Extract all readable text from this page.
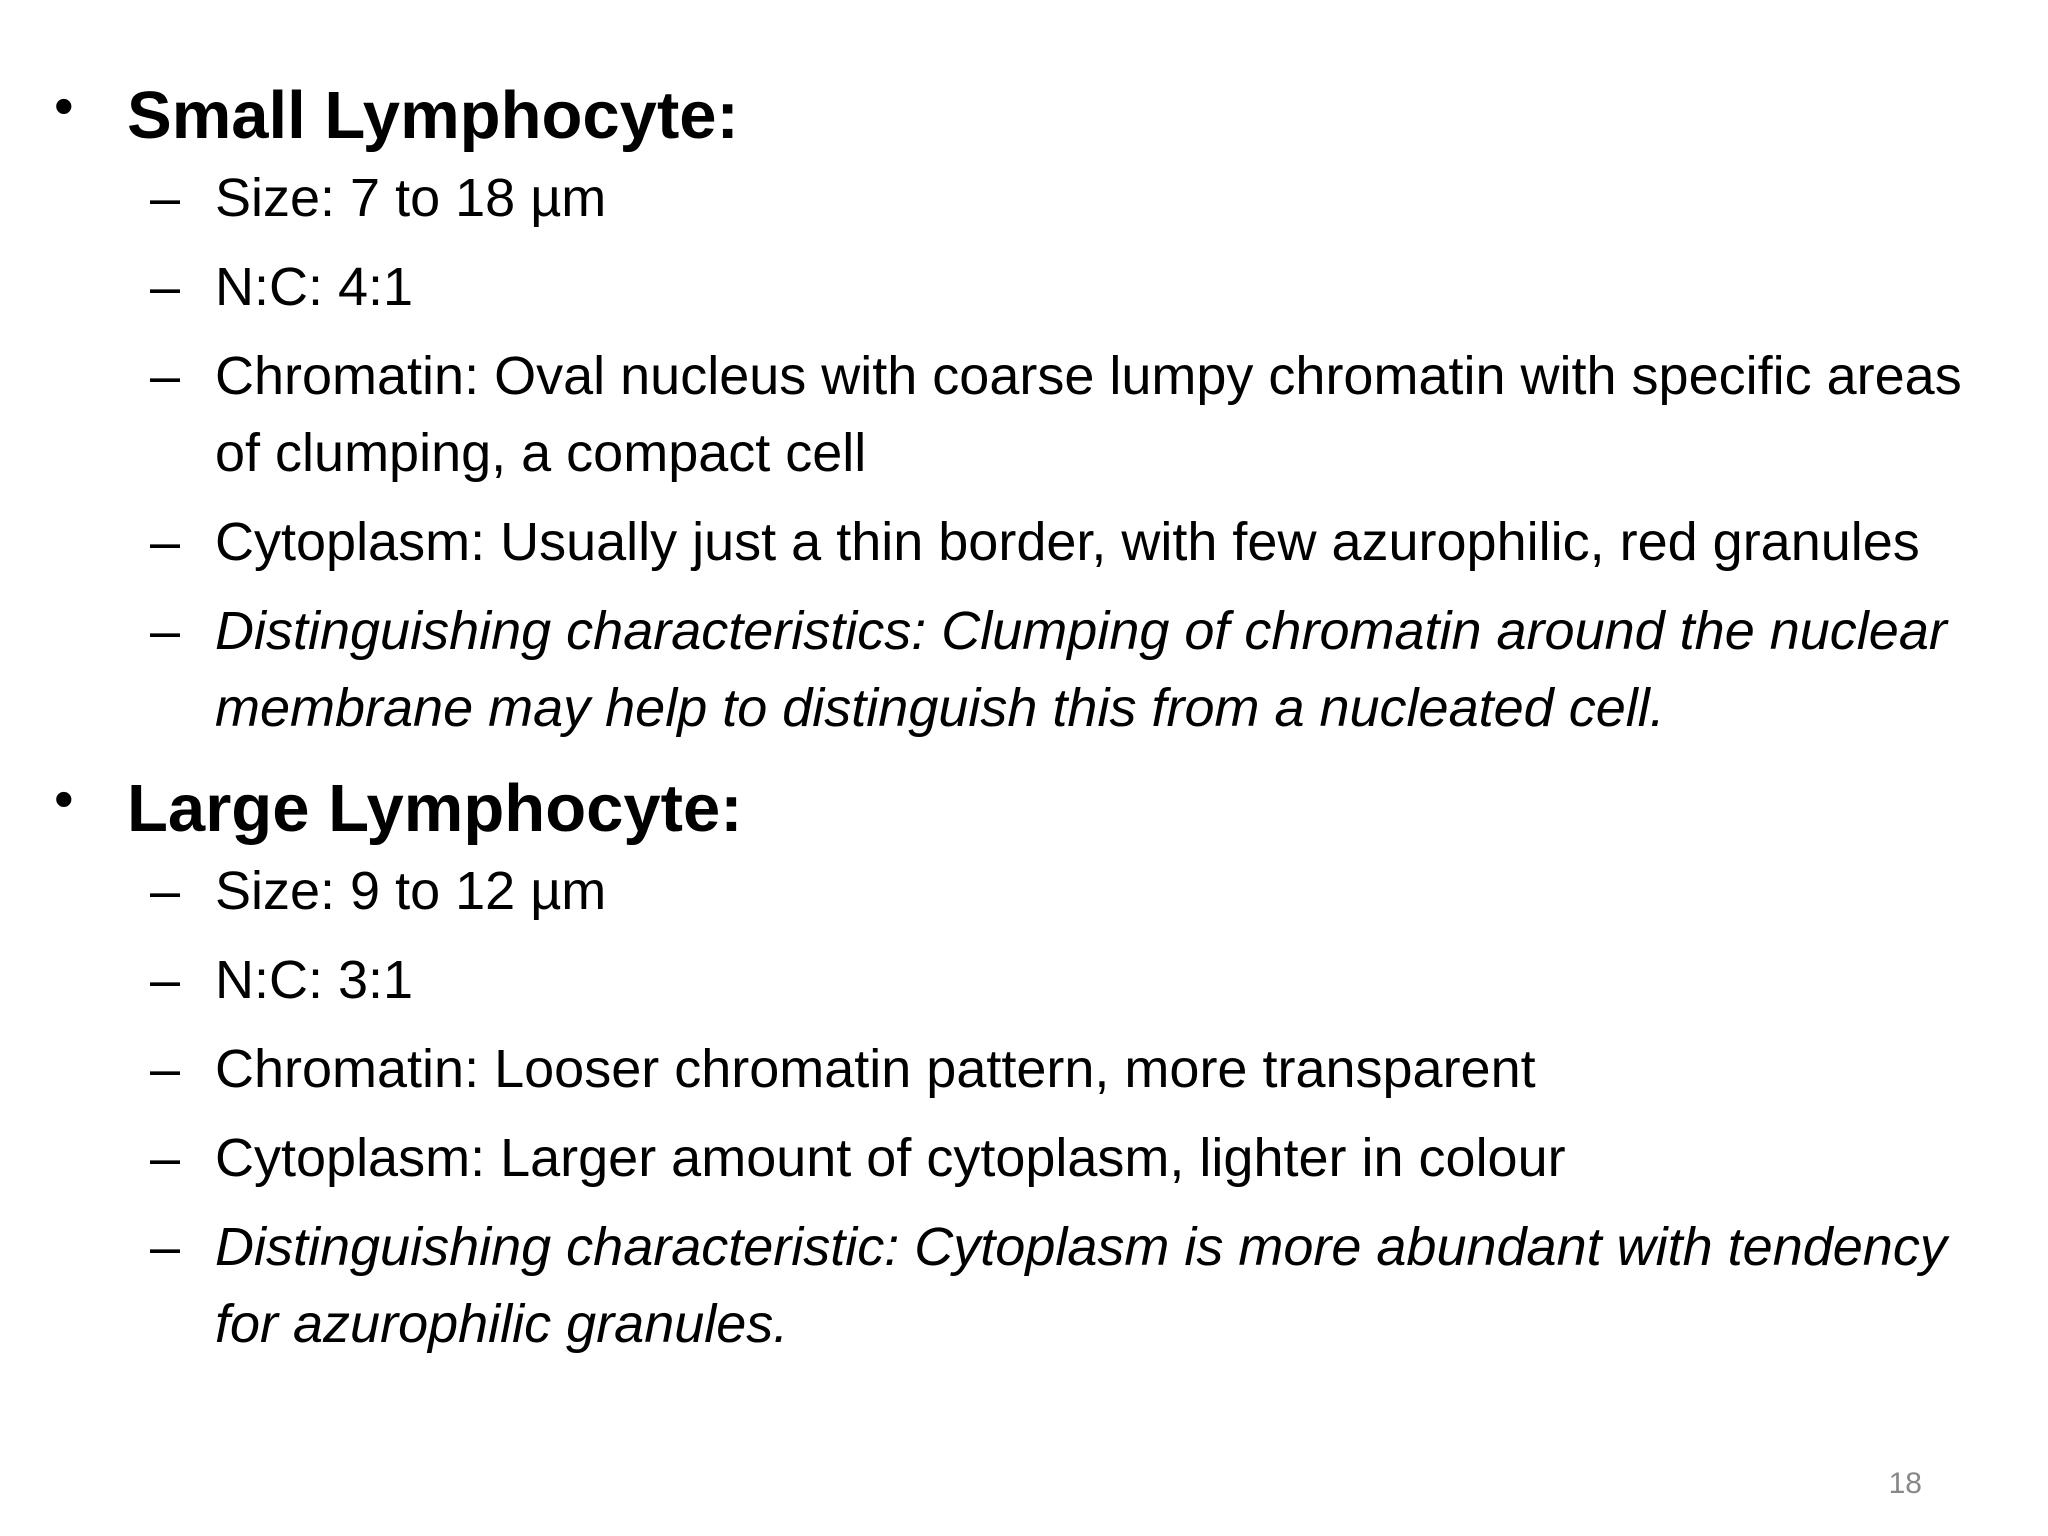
• Small Lymphocyte:
– Size: 7 to 18 µm
– N:C: 4:1
– Chromatin: Oval nucleus with coarse lumpy chromatin with specific areas of clumping, a compact cell
– Cytoplasm: Usually just a thin border, with few azurophilic, red granules
– Distinguishing characteristics: Clumping of chromatin around the nuclear membrane may help to distinguish this from a nucleated cell.
• Large Lymphocyte:
– Size: 9 to 12 µm
– N:C: 3:1
– Chromatin: Looser chromatin pattern, more transparent
– Cytoplasm: Larger amount of cytoplasm, lighter in colour
– Distinguishing characteristic: Cytoplasm is more abundant with tendency for azurophilic granules.
18
